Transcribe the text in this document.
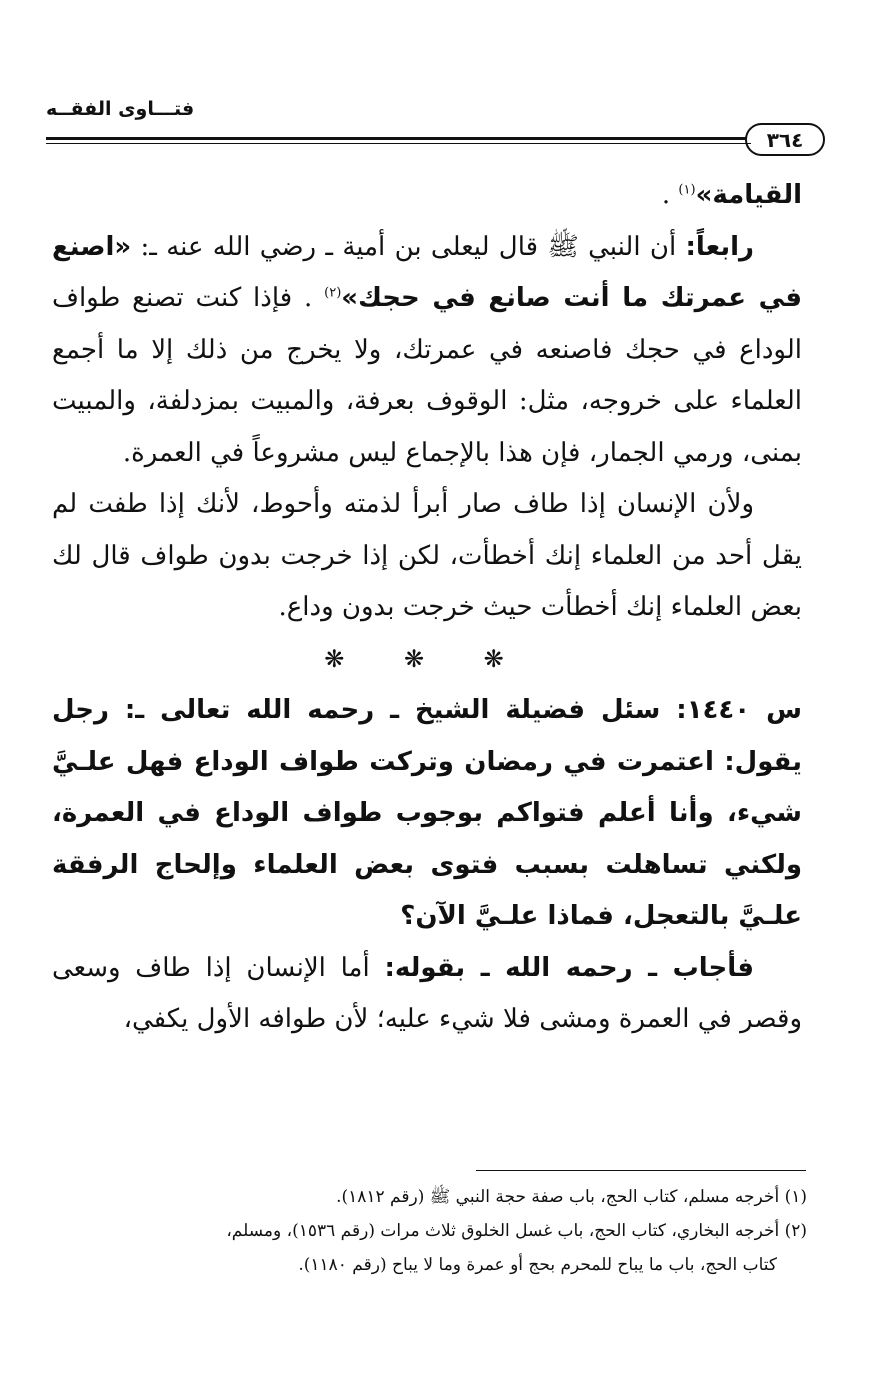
فتـــاوى الفقــه
٣٦٤

القيامة»$^{(١)}$ .

رابعاً: أن النبي ﷺ قال ليعلى بن أمية ـ رضي الله عنه ـ: «اصنع في عمرتك ما أنت صانع في حجك»$^{(٢)}$ . فإذا كنت تصنع طواف الوداع في حجك فاصنعه في عمرتك، ولا يخرج من ذلك إلا ما أجمع العلماء على خروجه، مثل: الوقوف بعرفة، والمبيت بمزدلفة، والمبيت بمنى، ورمي الجمار، فإن هذا بالإجماع ليس مشروعاً في العمرة.

ولأن الإنسان إذا طاف صار أبرأ لذمته وأحوط، لأنك إذا طفت لم يقل أحد من العلماء إنك أخطأت، لكن إذا خرجت بدون طواف قال لك بعض العلماء إنك أخطأت حيث خرجت بدون وداع.

❋ ❋ ❋

س ١٤٤٠: سئل فضيلة الشيخ ـ رحمه الله تعالى ـ: رجل يقول: اعتمرت في رمضان وتركت طواف الوداع فهل علـيَّ شيء، وأنا أعلم فتواكم بوجوب طواف الوداع في العمرة، ولكني تساهلت بسبب فتوى بعض العلماء وإلحاج الرفقة علـيَّ بالتعجل، فماذا علـيَّ الآن؟

فأجاب ـ رحمه الله ـ بقوله: أما الإنسان إذا طاف وسعى وقصر في العمرة ومشى فلا شيء عليه؛ لأن طوافه الأول يكفي،

(١) أخرجه مسلم، كتاب الحج، باب صفة حجة النبي ﷺ (رقم ١٨١٢).

(٢) أخرجه البخاري، كتاب الحج، باب غسل الخلوق ثلاث مرات (رقم ١٥٣٦)، ومسلم،

كتاب الحج، باب ما يباح للمحرم بحج أو عمرة وما لا يباح (رقم ١١٨٠).
